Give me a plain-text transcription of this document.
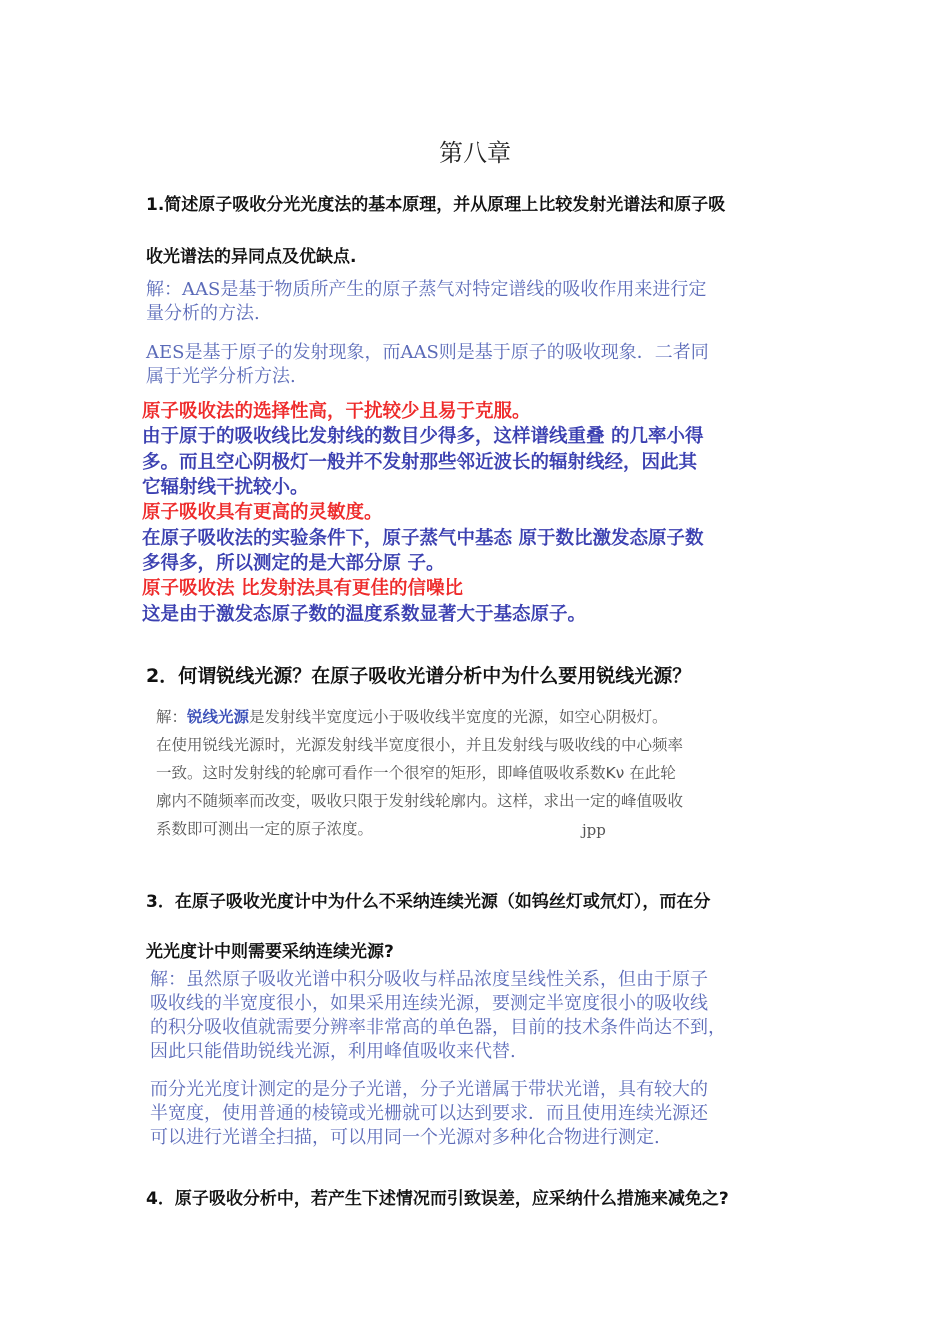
第八章

1.简述原子吸收分光光度法的基本原理，并从原理上比较发射光谱法和原子吸

收光谱法的异同点及优缺点.

解：AAS是基于物质所产生的原子蒸气对特定谱线的吸收作用来进行定

量分析的方法.

AES是基于原子的发射现象，而AAS则是基于原子的吸收现象．二者同

属于光学分析方法.

原子吸收法的选择性高，干扰较少且易于克服。

由于原于的吸收线比发射线的数目少得多，这样谱线重叠 的几率小得

多。而且空心阴极灯一般并不发射那些邻近波长的辐射线经，因此其

它辐射线干扰较小。

原子吸收具有更高的灵敏度。

在原子吸收法的实验条件下，原子蒸气中基态 原于数比激发态原子数

多得多，所以测定的是大部分原 子。

原子吸收法 比发射法具有更佳的信噪比

这是由于激发态原子数的温度系数显著大于基态原子。

2．何谓锐线光源？在原子吸收光谱分析中为什么要用锐线光源？

解：锐线光源是发射线半宽度远小于吸收线半宽度的光源，如空心阴极灯。

在使用锐线光源时，光源发射线半宽度很小，并且发射线与吸收线的中心频率

一致。这时发射线的轮廓可看作一个很窄的矩形，即峰值吸收系数Kν 在此轮

廓内不随频率而改变，吸收只限于发射线轮廓内。这样，求出一定的峰值吸收

系数即可测出一定的原子浓度。	jpp

3．在原子吸收光度计中为什么不采纳连续光源（如钨丝灯或氘灯），而在分

光光度计中则需要采纳连续光源?

解：虽然原子吸收光谱中积分吸收与样品浓度呈线性关系，但由于原子

吸收线的半宽度很小，如果采用连续光源，要测定半宽度很小的吸收线

的积分吸收值就需要分辨率非常高的单色器，目前的技术条件尚达不到，

因此只能借助锐线光源，利用峰值吸收来代替.

而分光光度计测定的是分子光谱，分子光谱属于带状光谱，具有较大的

半宽度，使用普通的棱镜或光栅就可以达到要求．而且使用连续光源还

可以进行光谱全扫描，可以用同一个光源对多种化合物进行测定.

4．原子吸收分析中，若产生下述情况而引致误差，应采纳什么措施来减免之?
